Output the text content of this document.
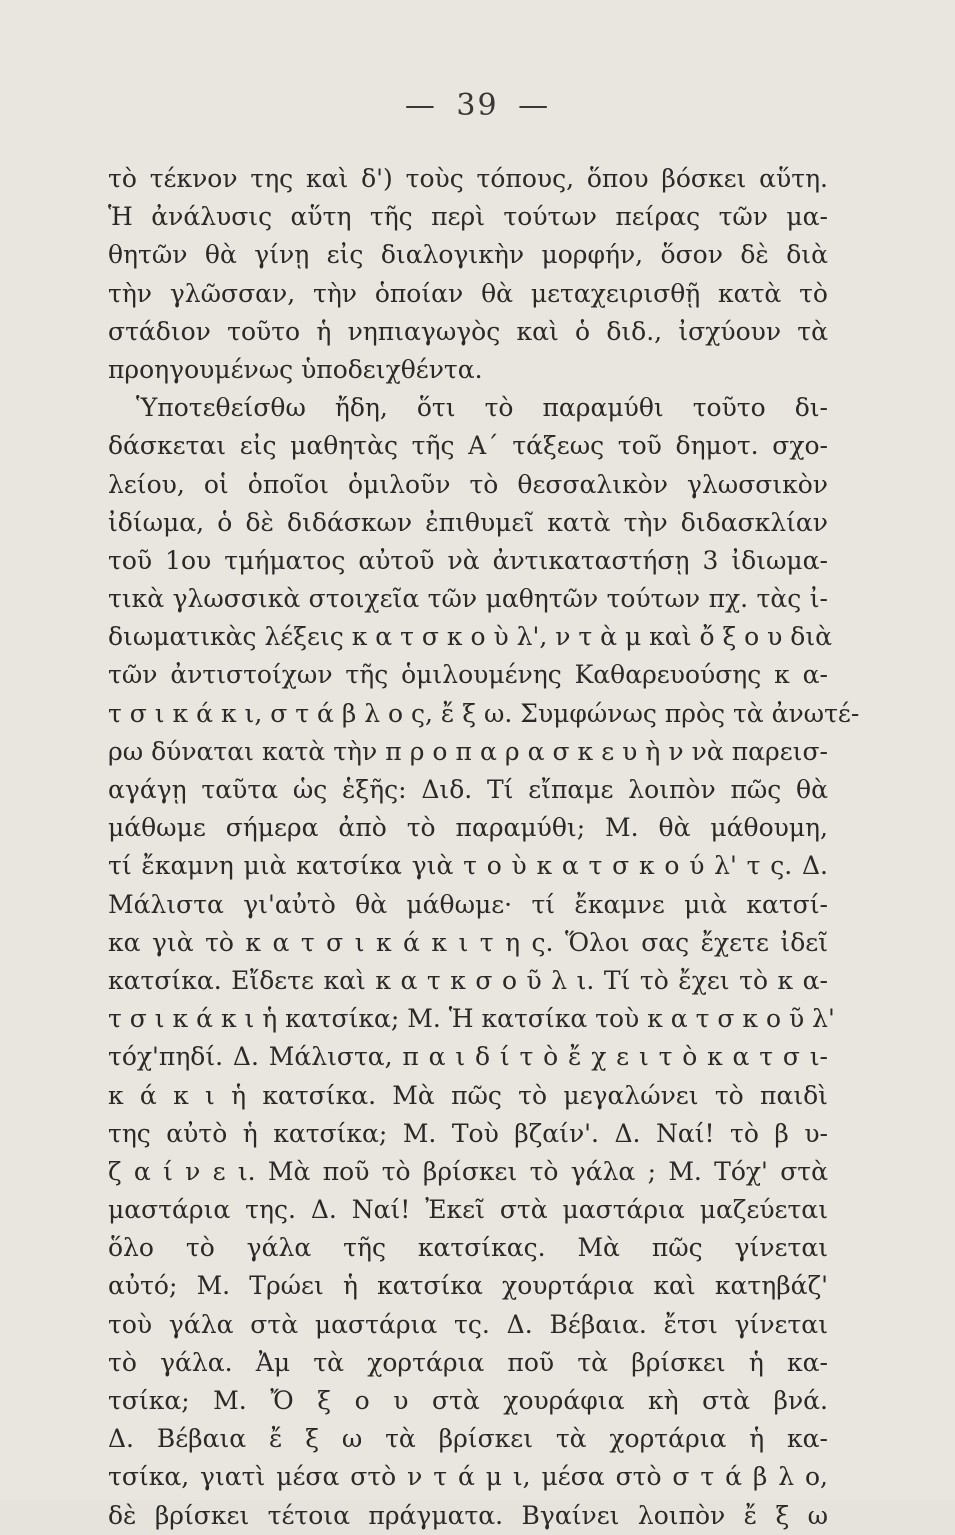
— 39 —
τὸ τέκνον της καὶ δ') τοὺς τόπους, ὅπου βόσκει αὕτη.
Ἡ ἀνάλυσις αὕτη τῆς περὶ τούτων πείρας τῶν μα-
θητῶν θὰ γίνῃ εἰς διαλογικὴν μορφήν, ὅσον δὲ διὰ
τὴν γλῶσσαν, τὴν ὁποίαν θὰ μεταχειρισθῇ κατὰ τὸ
στάδιον τοῦτο ἡ νηπιαγωγὸς καὶ ὁ διδ., ἰσχύουν τὰ
προηγουμένως ὑποδειχθέντα.
Ὑποτεθείσθω ἤδη, ὅτι τὸ παραμύθι τοῦτο δι-
δάσκεται εἰς μαθητὰς τῆς Α΄ τάξεως τοῦ δημοτ. σχο-
λείου, οἱ ὁποῖοι ὁμιλοῦν τὸ θεσσαλικὸν γλωσσικὸν
ἰδίωμα, ὁ δὲ διδάσκων ἐπιθυμεῖ κατὰ τὴν διδασκλίαν
τοῦ 1ου τμήματος αὐτοῦ νὰ ἀντικαταστήσῃ 3 ἰδιωμα-
τικὰ γλωσσικὰ στοιχεῖα τῶν μαθητῶν τούτων πχ. τὰς ἰ-
διωματικὰς λέξεις κ α τ σ κ ο ὺ λ', ν τ ὰ μ καὶ ὄ ξ ο υ διὰ
τῶν ἀντιστοίχων τῆς ὁμιλουμένης Καθαρευούσης κ α-
τ σ ι κ ά κ ι, σ τ ά β λ ο ς, ἔ ξ ω. Συμφώνως πρὸς τὰ ἀνωτέ-
ρω δύναται κατὰ τὴν π ρ ο π α ρ α σ κ ε υ ὴ ν νὰ παρεισ-
αγάγῃ ταῦτα ὡς ἑξῆς: Διδ. Τί εἴπαμε λοιπὸν πῶς θὰ
μάθωμε σήμερα ἀπὸ τὸ παραμύθι; Μ. θὰ μάθουμη,
τί ἔκαμνη μιὰ κατσίκα γιὰ τ ο ὺ κ α τ σ κ ο ύ λ' τ ς. Δ.
Μάλιστα γι'αὐτὸ θὰ μάθωμε· τί ἔκαμνε μιὰ κατσί-
κα γιὰ τὸ κ α τ σ ι κ ά κ ι τ η ς. Ὅλοι σας ἔχετε ἰδεῖ
κατσίκα. Εἴδετε καὶ κ α τ κ σ ο ῦ λ ι. Τί τὸ ἔχει τὸ κ α-
τ σ ι κ ά κ ι ἡ κατσίκα; Μ. Ἡ κατσίκα τοὺ κ α τ σ κ ο ῦ λ'
τόχ'πηδί. Δ. Μάλιστα, π α ι δ ί τ ὸ ἔ χ ε ι τ ὸ κ α τ σ ι-
κ ά κ ι ἡ κατσίκα. Μὰ πῶς τὸ μεγαλώνει τὸ παιδὶ
της αὐτὸ ἡ κατσίκα; Μ. Τοὺ βζαίν'. Δ. Ναί! τὸ β υ-
ζ α ί ν ε ι. Μὰ ποῦ τὸ βρίσκει τὸ γάλα ; Μ. Τόχ' στὰ
μαστάρια της. Δ. Ναί! Ἐκεῖ στὰ μαστάρια μαζεύεται
ὅλο τὸ γάλα τῆς κατσίκας. Μὰ πῶς γίνεται
αὐτό; Μ. Τρώει ἡ κατσίκα χουρτάρια καὶ κατηβάζ'
τοὺ γάλα στὰ μαστάρια τς. Δ. Βέβαια. ἔτσι γίνεται
τὸ γάλα. Ἀμ τὰ χορτάρια ποῦ τὰ βρίσκει ἡ κα-
τσίκα; Μ. Ὄ ξ ο υ στὰ χουράφια κὴ στὰ βνά.
Δ. Βέβαια ἔ ξ ω τὰ βρίσκει τὰ χορτάρια ἡ κα-
τσίκα, γιατὶ μέσα στὸ ν τ ά μ ι, μέσα στὸ σ τ ά β λ ο,
δὲ βρίσκει τέτοια πράγματα. Βγαίνει λοιπὸν ἔ ξ ω
